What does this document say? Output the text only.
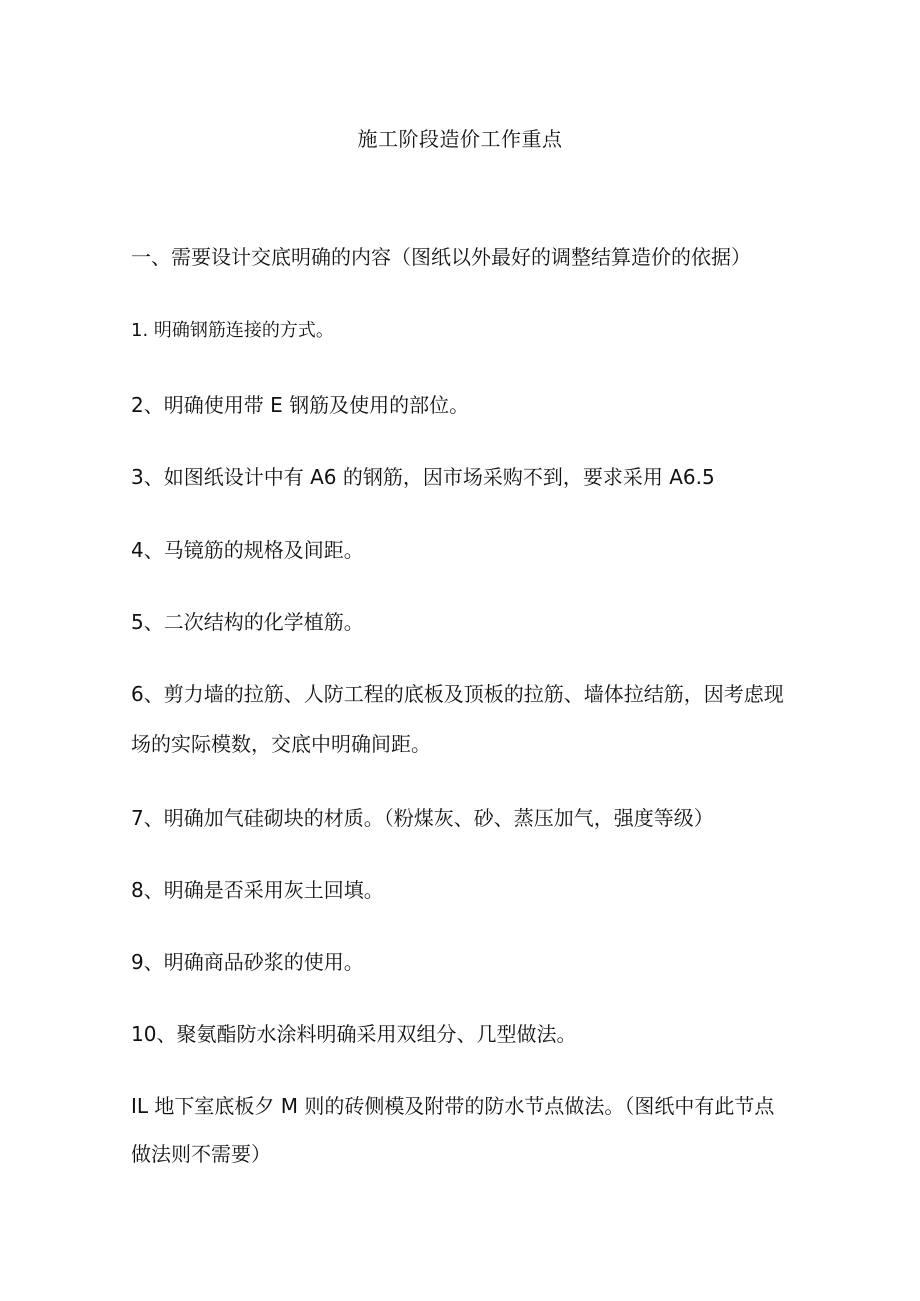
施工阶段造价工作重点
一、需要设计交底明确的内容（图纸以外最好的调整结算造价的依据）
1. 明确钢筋连接的方式。
2、明确使用带 E 钢筋及使用的部位。
3、如图纸设计中有 A6 的钢筋，因市场采购不到，要求采用 A6.5
4、马镜筋的规格及间距。
5、二次结构的化学植筋。
6、剪力墙的拉筋、人防工程的底板及顶板的拉筋、墙体拉结筋，因考虑现
场的实际模数，交底中明确间距。
7、明确加气硅砌块的材质。（粉煤灰、砂、蒸压加气，强度等级）
8、明确是否采用灰土回填。
9、明确商品砂浆的使用。
10、聚氨酯防水涂料明确采用双组分、几型做法。
IL 地下室底板夕 M 则的砖侧模及附带的防水节点做法。（图纸中有此节点
做法则不需要）
